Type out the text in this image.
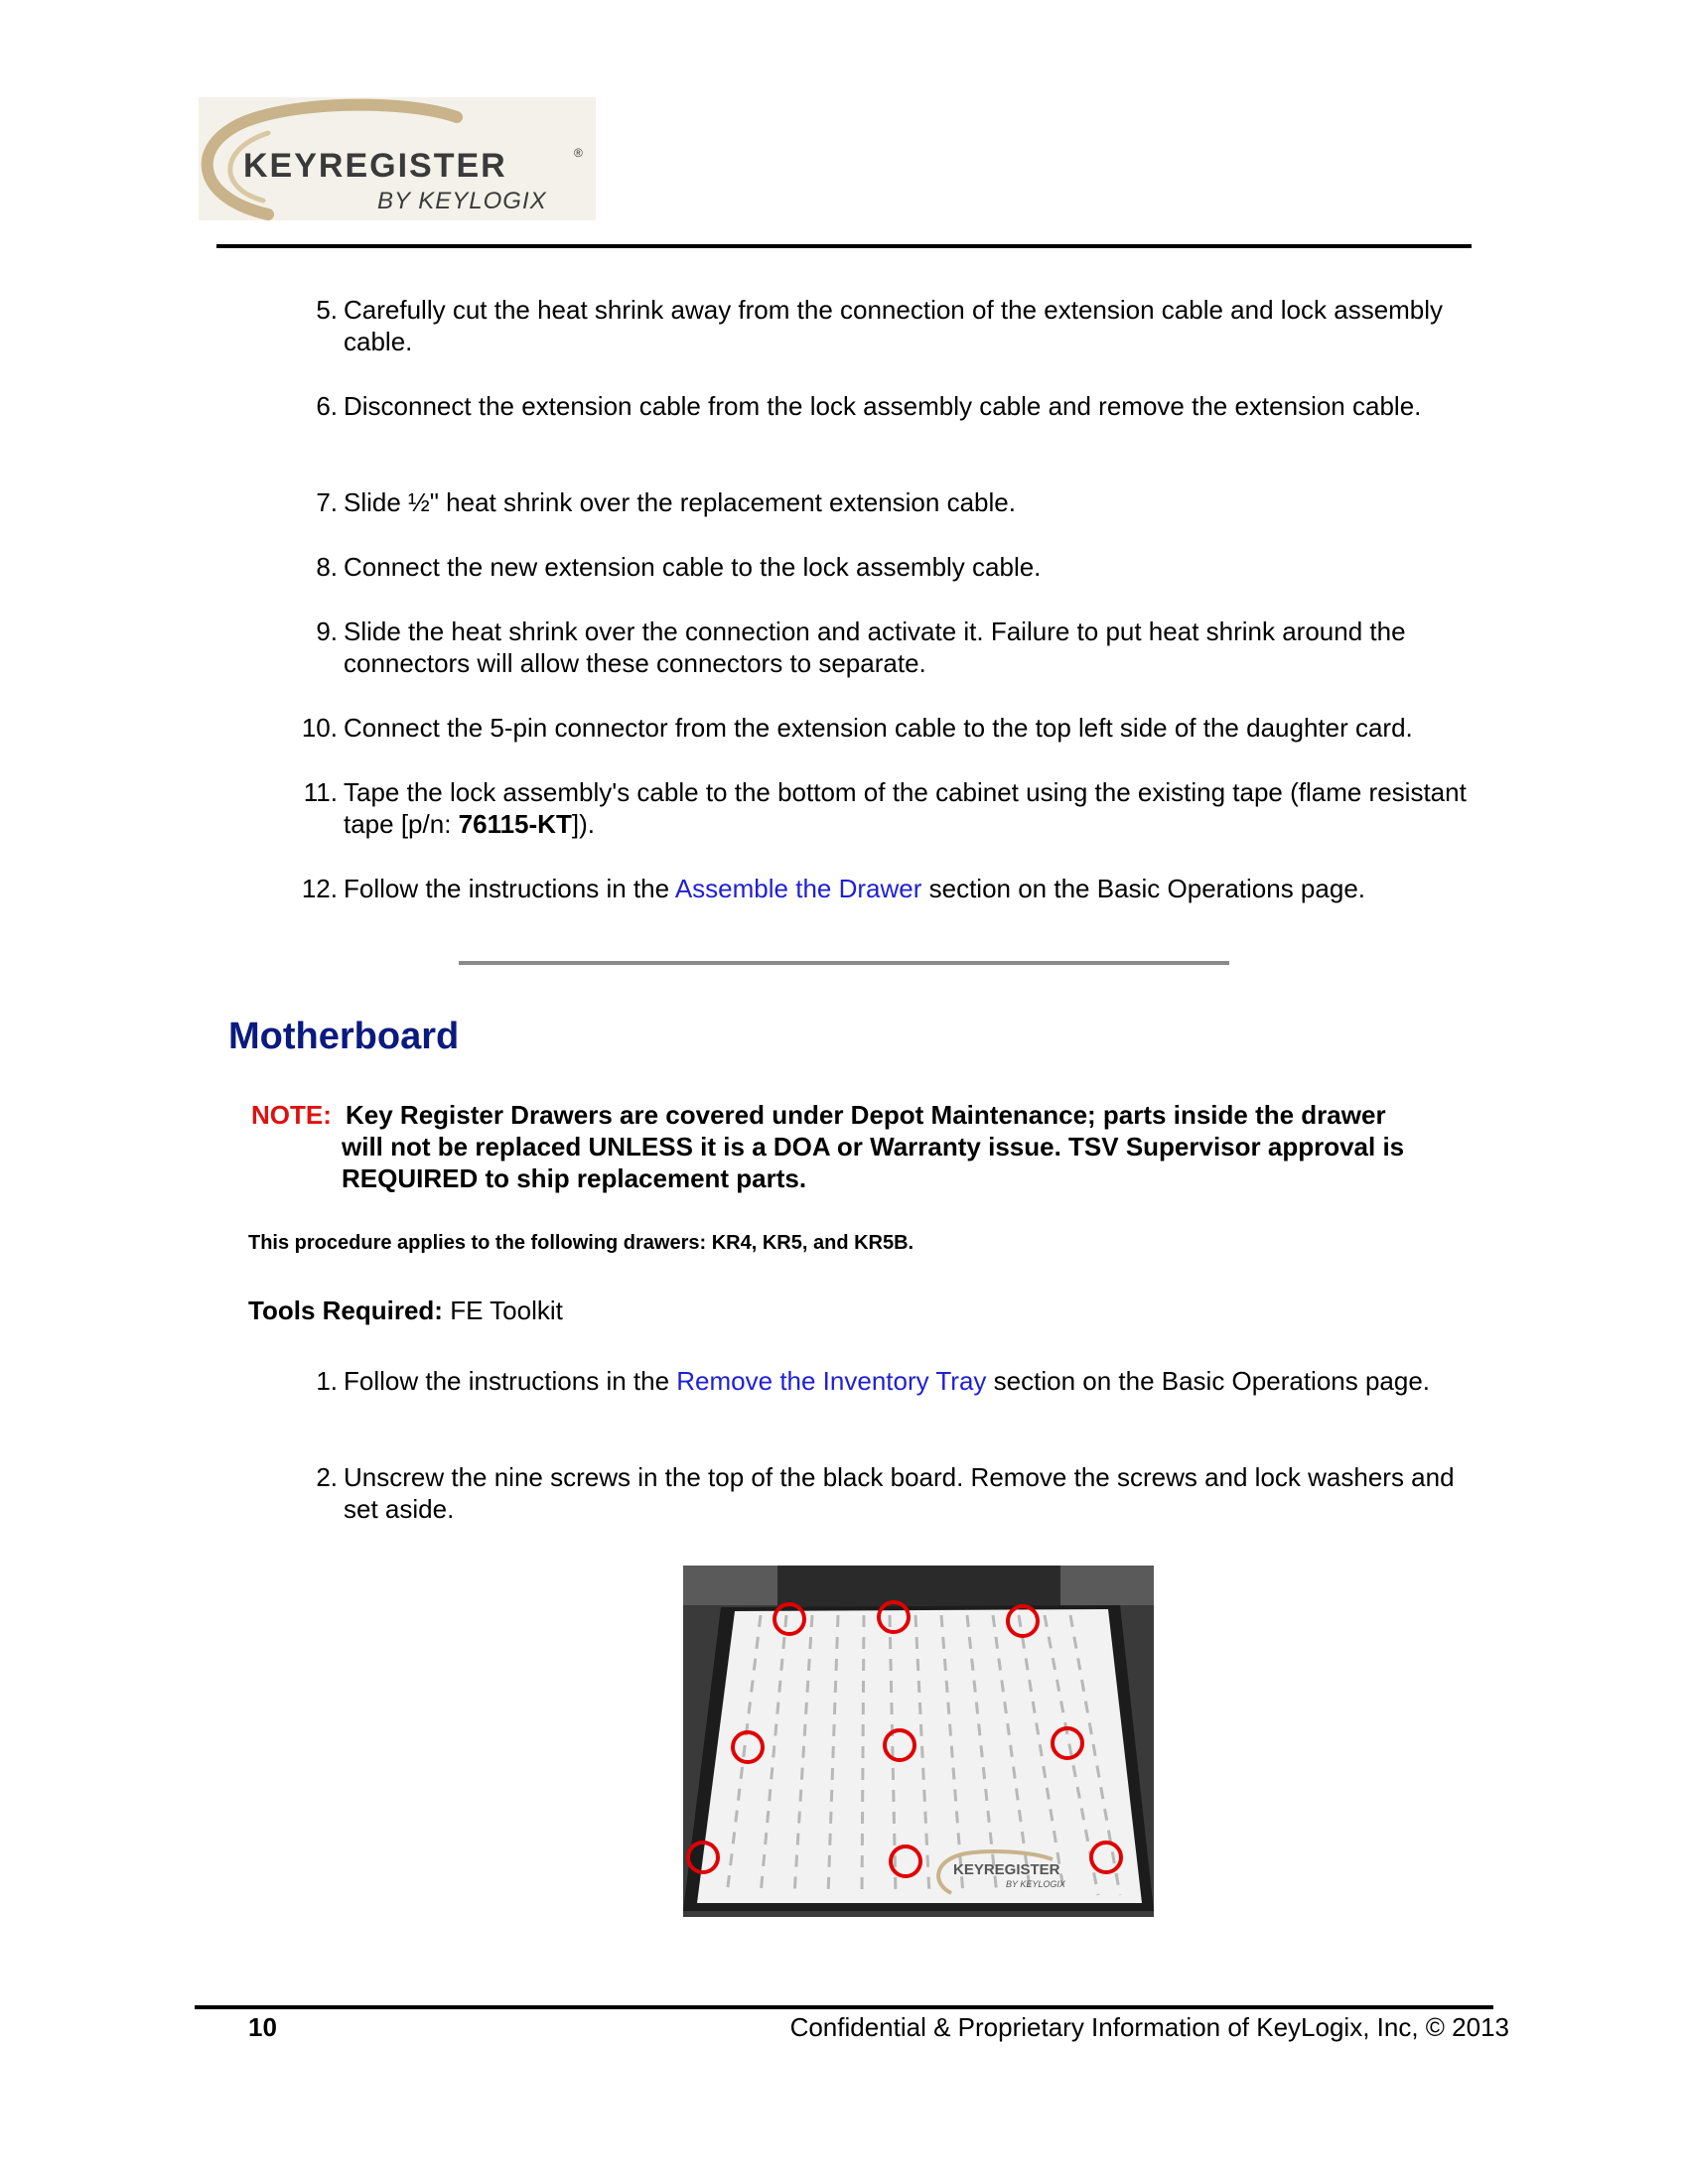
KEYREGISTER	®
BY KEYLOGIX
5. Carefully cut the heat shrink away from the connection of the extension cable and lock assembly cable.
6. Disconnect the extension cable from the lock assembly cable and remove the extension cable.
7. Slide ½" heat shrink over the replacement extension cable.
8. Connect the new extension cable to the lock assembly cable.
9. Slide the heat shrink over the connection and activate it. Failure to put heat shrink around the connectors will allow these connectors to separate.
10. Connect the 5-pin connector from the extension cable to the top left side of the daughter card.
11. Tape the lock assembly's cable to the bottom of the cabinet using the existing tape (flame resistant tape [p/n: 76115-KT]).
12. Follow the instructions in the Assemble the Drawer section on the Basic Operations page.
Motherboard
NOTE: Key Register Drawers are covered under Depot Maintenance; parts inside the drawer
will not be replaced UNLESS it is a DOA or Warranty issue. TSV Supervisor approval is
REQUIRED to ship replacement parts.
This procedure applies to the following drawers: KR4, KR5, and KR5B.
Tools Required: FE Toolkit
1. Follow the instructions in the Remove the Inventory Tray section on the Basic Operations page.
2. Unscrew the nine screws in the top of the black board. Remove the screws and lock washers and set aside.
KEYREGISTER
BY KEYLOGIX
10	Confidential & Proprietary Information of KeyLogix, Inc, © 2013
